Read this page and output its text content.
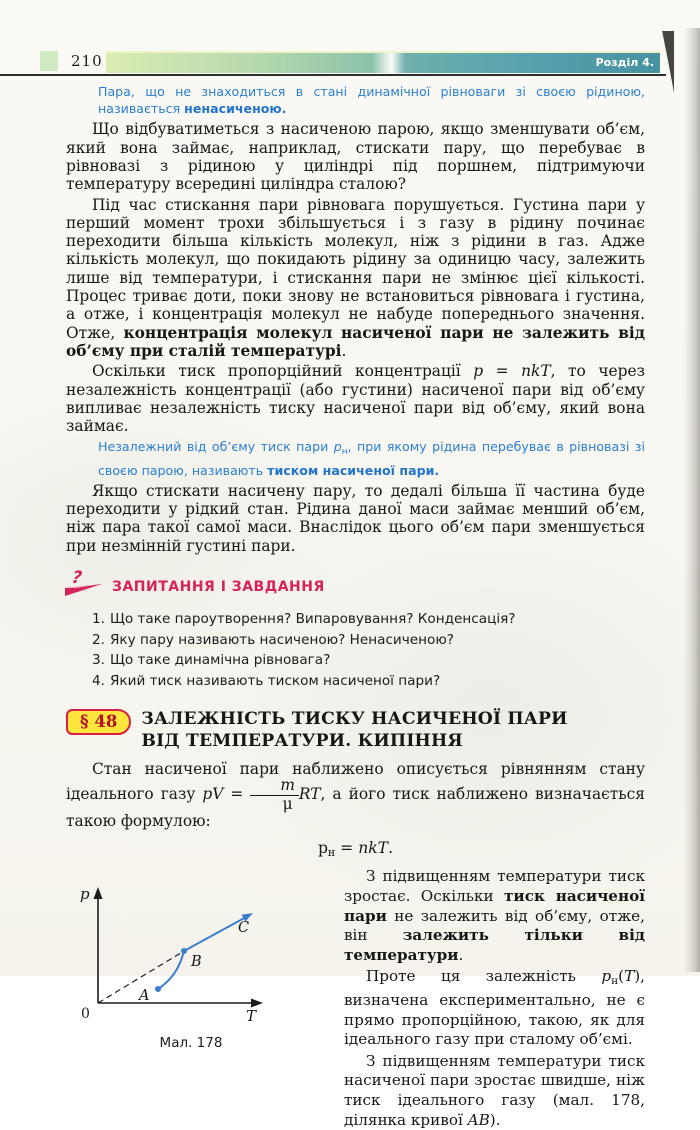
210	Розділ 4.

Пара, що не знаходиться в стані динамічної рівноваги зі своєю рідиною, називається ненасиченою.

Що відбуватиметься з насиченою парою, якщо зменшувати об’єм, який вона займає, наприклад, стискати пару, що перебуває в рівновазі з рідиною у циліндрі під поршнем, підтримуючи температуру всередині циліндра сталою?

Під час стискання пари рівновага порушується. Густина пари у перший момент трохи збільшується і з газу в рідину починає переходити більша кількість молекул, ніж з рідини в газ. Адже кількість молекул, що покидають рідину за одиницю часу, залежить лише від температури, і стискання пари не змінює цієї кількості. Процес триває доти, поки знову не встановиться рівновага і густина, а отже, і концентрація молекул не набуде попереднього значення. Отже, концентрація молекул насиченої пари не залежить від об’єму при сталій температурі.

Оскільки тиск пропорційний концентрації p = nkT, то через незалежність концентрації (або густини) насиченої пари від об’єму випливає незалежність тиску насиченої пари від об’єму, який вона займає.

Незалежний від об’єму тиск пари $p_н$, при якому рідина перебуває в рівновазі зі своєю парою, називають тиском насиченої пари.

Якщо стискати насичену пару, то дедалі більша її частина буде переходити у рідкий стан. Рідина даної маси займає менший об’єм, ніж пара такої самої маси. Внаслідок цього об’єм пари зменшується при незмінній густині пари.

? ЗАПИТАННЯ І ЗАВДАННЯ
1. Що таке пароутворення? Випаровування? Конденсація?
2. Яку пару називають насиченою? Ненасиченою?
3. Що таке динамічна рівновага?
4. Який тиск називають тиском насиченої пари?
§ 48	ЗАЛЕЖНІСТЬ ТИСКУ НАСИЧЕНОЇ ПАРИ
ВІД ТЕМПЕРАТУРИ. КИПІННЯ

Стан насиченої пари наближено описується рівнянням стану ідеального газу pV = $\frac{m}{\mu}$ RT, а його тиск наближено визначається такою формулою:

$p_н$ = nkT.
p
T
0
A
B
C
Мал. 178

З підвищенням температури тиск зростає. Оскільки тиск насиченої пари не залежить від об’єму, отже, він залежить тільки від температури.

Проте ця залежність $p_н(T)$, визначена експериментально, не є прямо пропорційною, такою, як для ідеального газу при сталому об’ємі.

З підвищенням температури тиск насиченої пари зростає швидше, ніж тиск ідеального газу (мал. 178, ділянка кривої AB).
